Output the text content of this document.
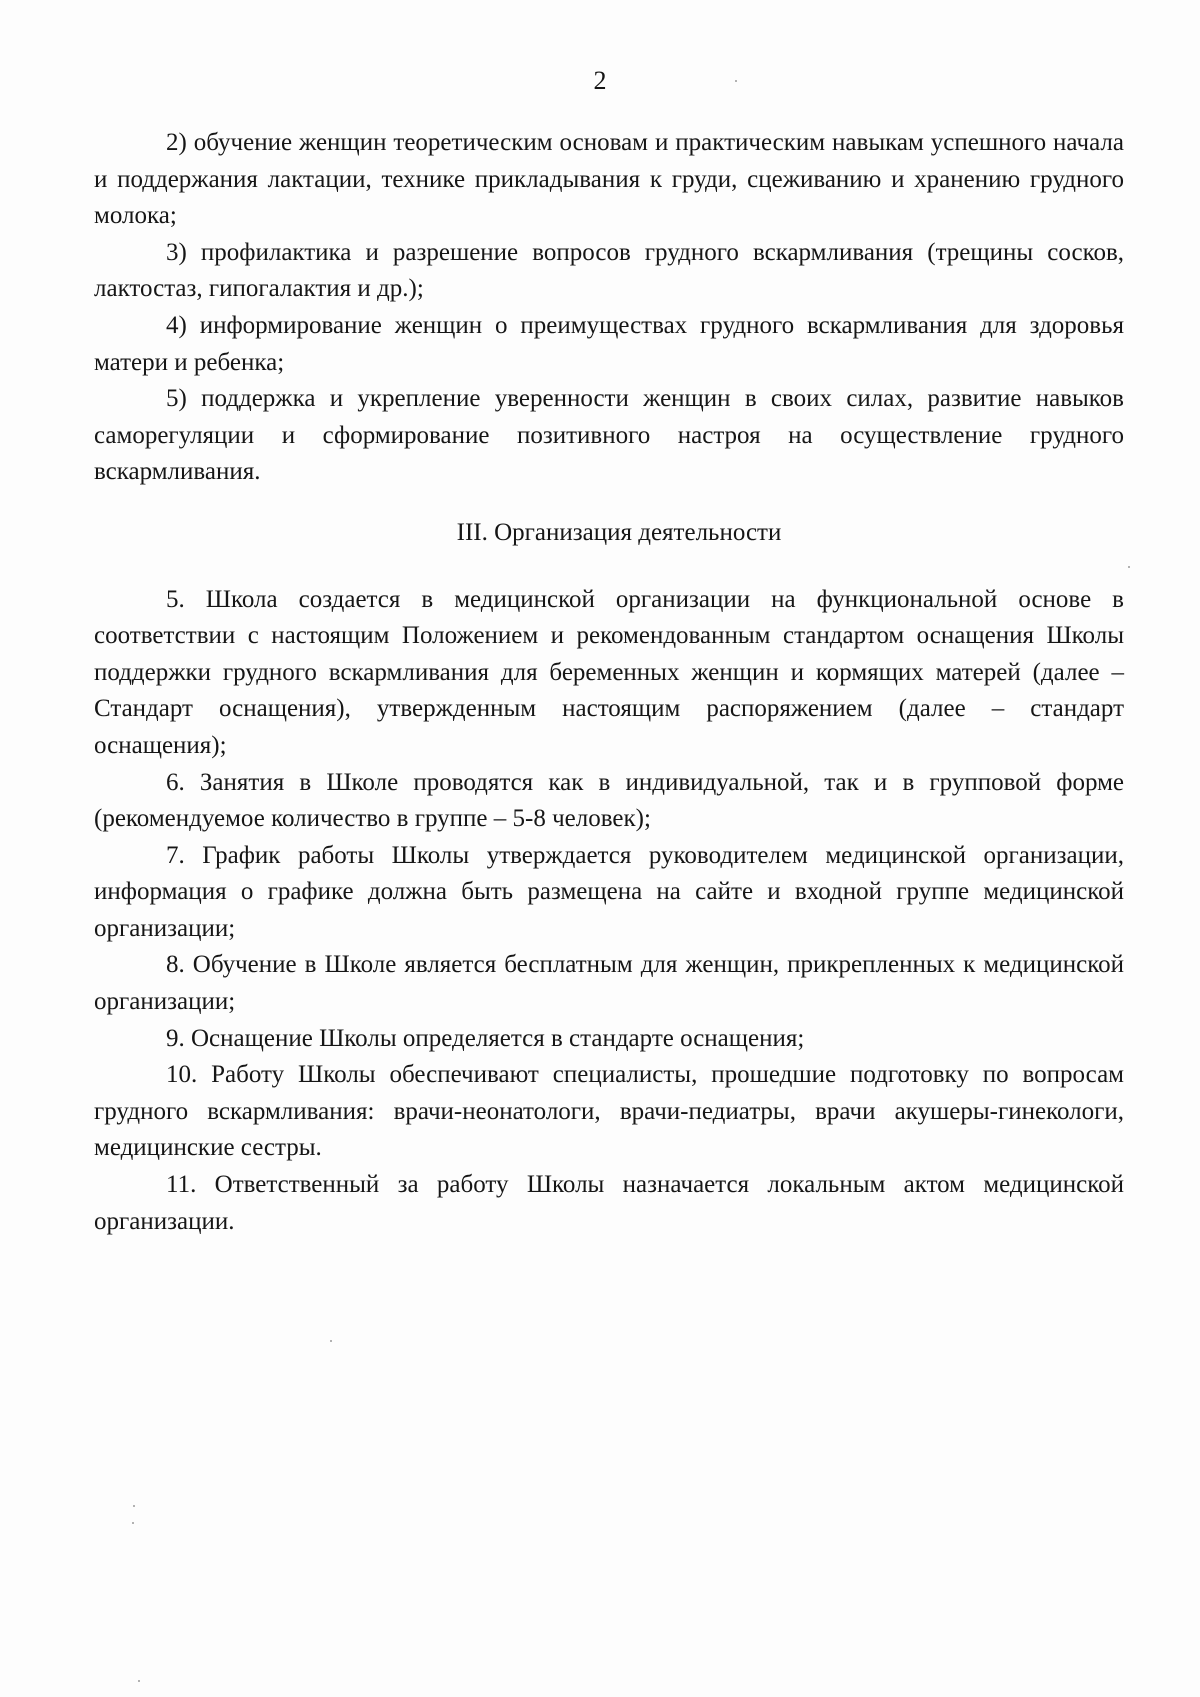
2

2) обучение женщин теоретическим основам и практическим навыкам успешного начала и поддержания лактации, технике прикладывания к груди, сцеживанию и хранению грудного молока;

3) профилактика и разрешение вопросов грудного вскармливания (трещины сосков, лактостаз, гипогалактия и др.);

4) информирование женщин о преимуществах грудного вскармливания для здоровья матери и ребенка;

5) поддержка и укрепление уверенности женщин в своих силах, развитие навыков саморегуляции и сформирование позитивного настроя на осуществление грудного вскармливания.

III. Организация деятельности

5. Школа создается в медицинской организации на функциональной основе в соответствии с настоящим Положением и рекомендованным стандартом оснащения Школы поддержки грудного вскармливания для беременных женщин и кормящих матерей (далее – Стандарт оснащения), утвержденным настоящим распоряжением (далее – стандарт оснащения);

6. Занятия в Школе проводятся как в индивидуальной, так и в групповой форме (рекомендуемое количество в группе – 5-8 человек);

7. График работы Школы утверждается руководителем медицинской организации, информация о графике должна быть размещена на сайте и входной группе медицинской организации;

8. Обучение в Школе является бесплатным для женщин, прикрепленных к медицинской организации;

9. Оснащение Школы определяется в стандарте оснащения;

10. Работу Школы обеспечивают специалисты, прошедшие подготовку по вопросам грудного вскармливания: врачи-неонатологи, врачи-педиатры, врачи акушеры-гинекологи, медицинские сестры.

11. Ответственный за работу Школы назначается локальным актом медицинской организации.
